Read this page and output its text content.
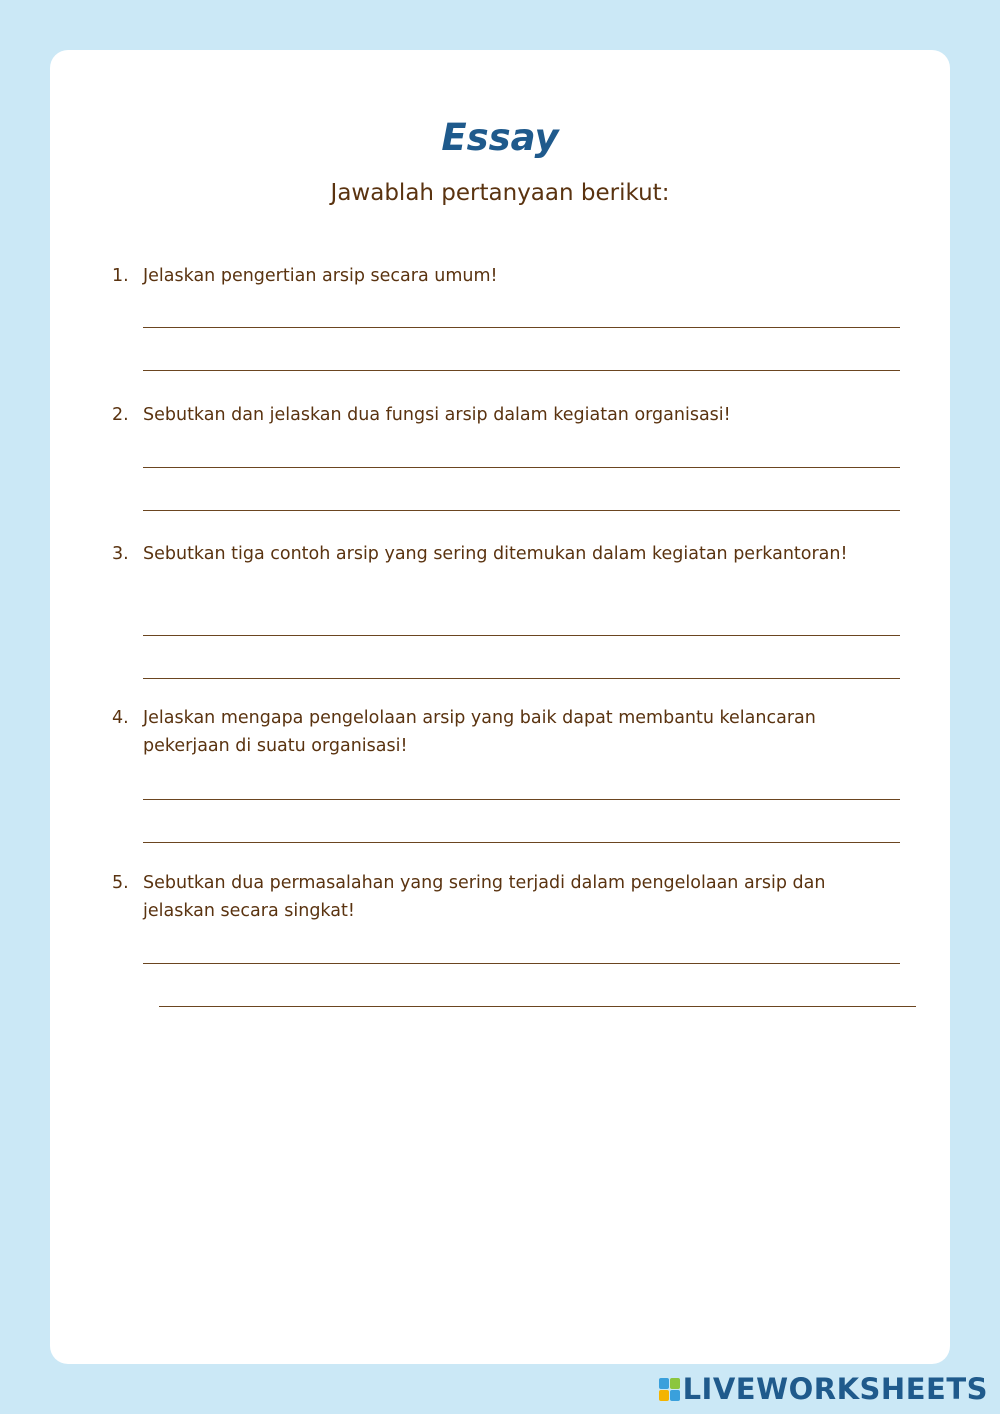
Essay

Jawablah pertanyaan berikut:

1. Jelaskan pengertian arsip secara umum!
2. Sebutkan dan jelaskan dua fungsi arsip dalam kegiatan organisasi!
3. Sebutkan tiga contoh arsip yang sering ditemukan dalam kegiatan perkantoran!
4. Jelaskan mengapa pengelolaan arsip yang baik dapat membantu kelancaran pekerjaan di suatu organisasi!
5. Sebutkan dua permasalahan yang sering terjadi dalam pengelolaan arsip dan jelaskan secara singkat!
LIVEWORKSHEETS
